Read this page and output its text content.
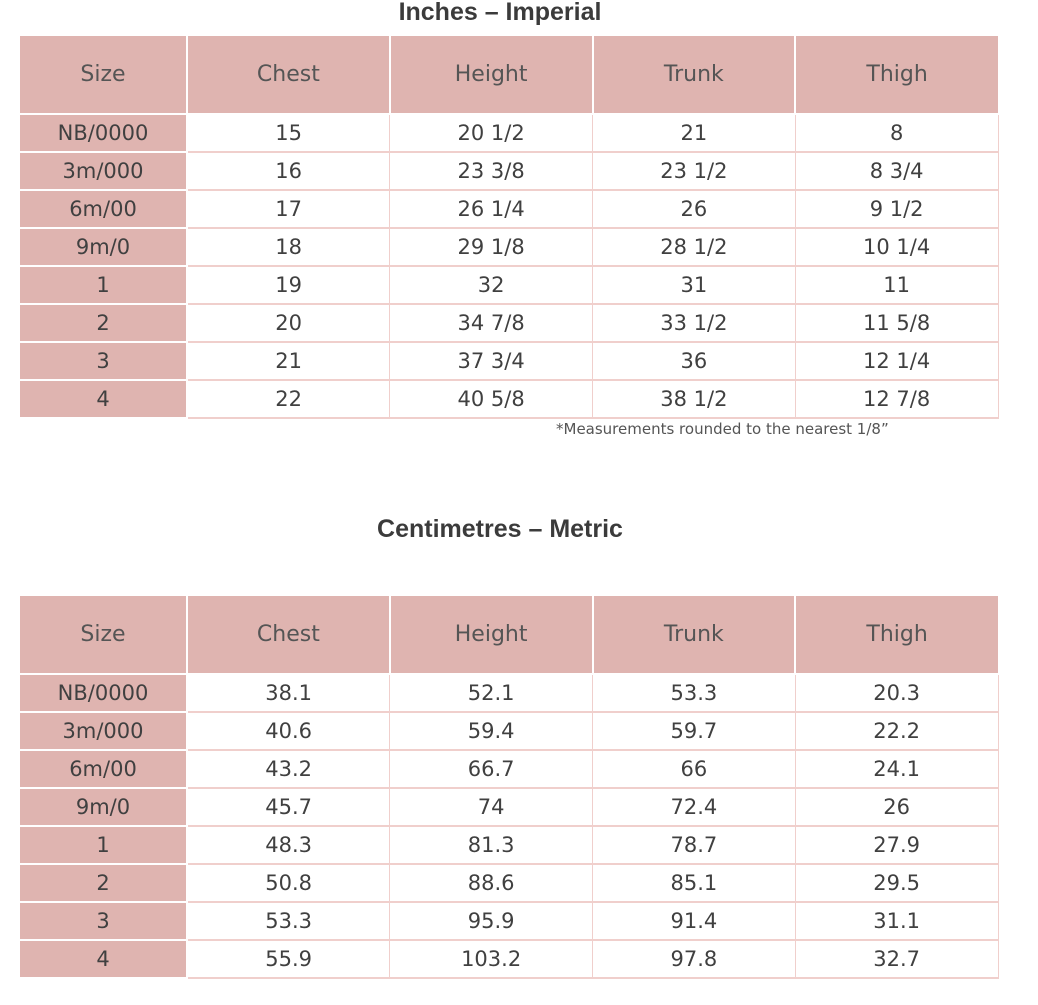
Inches – Imperial
Size	Chest	Height	Trunk	Thigh
NB/0000	15	20 1/2	21	8
3m/000	16	23 3/8	23 1/2	8 3/4
6m/00	17	26 1/4	26	9 1/2
9m/0	18	29 1/8	28 1/2	10 1/4
1	19	32	31	11
2	20	34 7/8	33 1/2	11 5/8
3	21	37 3/4	36	12 1/4
4	22	40 5/8	38 1/2	12 7/8

*Measurements rounded to the nearest 1/8”

Centimetres – Metric
Size	Chest	Height	Trunk	Thigh
NB/0000	38.1	52.1	53.3	20.3
3m/000	40.6	59.4	59.7	22.2
6m/00	43.2	66.7	66	24.1
9m/0	45.7	74	72.4	26
1	48.3	81.3	78.7	27.9
2	50.8	88.6	85.1	29.5
3	53.3	95.9	91.4	31.1
4	55.9	103.2	97.8	32.7
